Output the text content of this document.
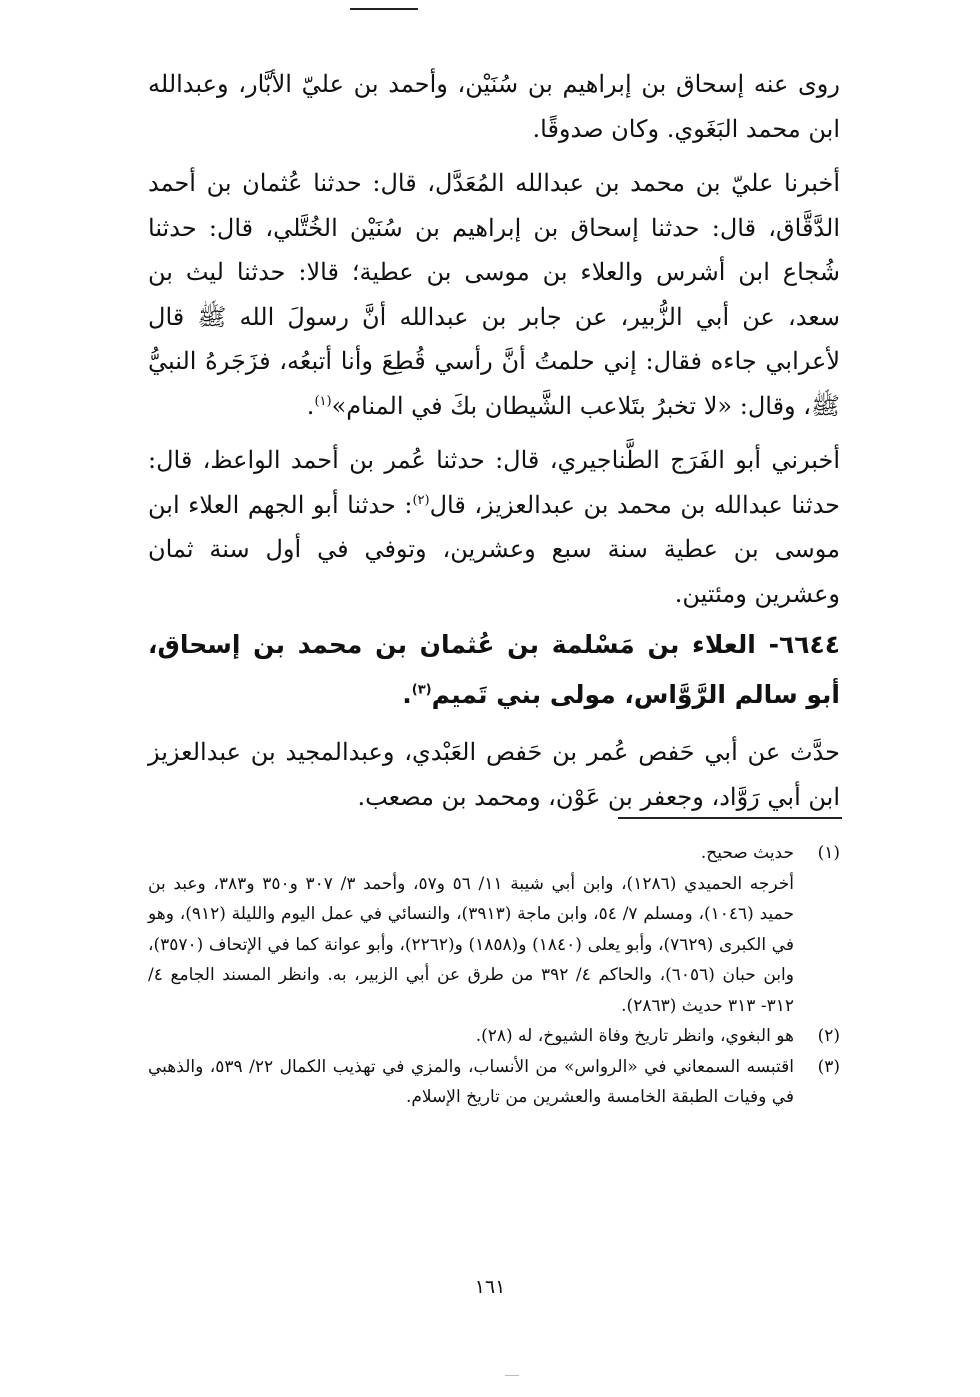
روى عنه إسحاق بن إبراهيم بن سُنَيْن، وأحمد بن عليّ الأبَّار، وعبدالله ابن محمد البَغَوي. وكان صدوقًا.

أخبرنا عليّ بن محمد بن عبدالله المُعَدَّل، قال: حدثنا عُثمان بن أحمد الدَّقَّاق، قال: حدثنا إسحاق بن إبراهيم بن سُنَيْن الخُتَّلي، قال: حدثنا شُجاع ابن أشرس والعلاء بن موسى بن عطية؛ قالا: حدثنا ليث بن سعد، عن أبي الزُّبير، عن جابر بن عبدالله أنَّ رسولَ الله ﷺ قال لأعرابي جاءه فقال: إني حلمتُ أنَّ رأسي قُطِعَ وأنا أتبعُه، فزَجَرهُ النبيُّ ﷺ، وقال: «لا تخبرُ بتَلاعب الشَّيطان بكَ في المنام»$^{(١)}$.

أخبرني أبو الفَرَج الطَّناجيري، قال: حدثنا عُمر بن أحمد الواعظ، قال: حدثنا عبدالله بن محمد بن عبدالعزيز، قال$^{(٢)}$: حدثنا أبو الجهم العلاء ابن موسى بن عطية سنة سبع وعشرين، وتوفي في أول سنة ثمان وعشرين ومئتين.

٦٦٤٤- العلاء بن مَسْلمة بن عُثمان بن محمد بن إسحاق، أبو سالم الرَّوَّاس، مولى بني تَميم$^{(٣)}$.

حدَّث عن أبي حَفص عُمر بن حَفص العَبْدي، وعبدالمجيد بن عبدالعزيز ابن أبي رَوَّاد، وجعفر بن عَوْن، ومحمد بن مصعب.

(١)

حديث صحيح.

أخرجه الحميدي (١٢٨٦)، وابن أبي شيبة ١١/ ٥٦ و٥٧، وأحمد ٣/ ٣٠٧ و٣٥٠ و٣٨٣، وعبد بن حميد (١٠٤٦)، ومسلم ٧/ ٥٤، وابن ماجة (٣٩١٣)، والنسائي في عمل اليوم والليلة (٩١٢)، وهو في الكبرى (٧٦٢٩)، وأبو يعلى (١٨٤٠) و(١٨٥٨) و(٢٢٦٢)، وأبو عوانة كما في الإتحاف (٣٥٧٠)، وابن حبان (٦٠٥٦)، والحاكم ٤/ ٣٩٢ من طرق عن أبي الزبير، به. وانظر المسند الجامع ٤/ ٣١٢- ٣١٣ حديث (٢٨٦٣).

(٢)

هو البغوي، وانظر تاريخ وفاة الشيوخ، له (٢٨).

(٣)

اقتبسه السمعاني في «الرواس» من الأنساب، والمزي في تهذيب الكمال ٢٢/ ٥٣٩، والذهبي في وفيات الطبقة الخامسة والعشرين من تاريخ الإسلام.

١٦١
